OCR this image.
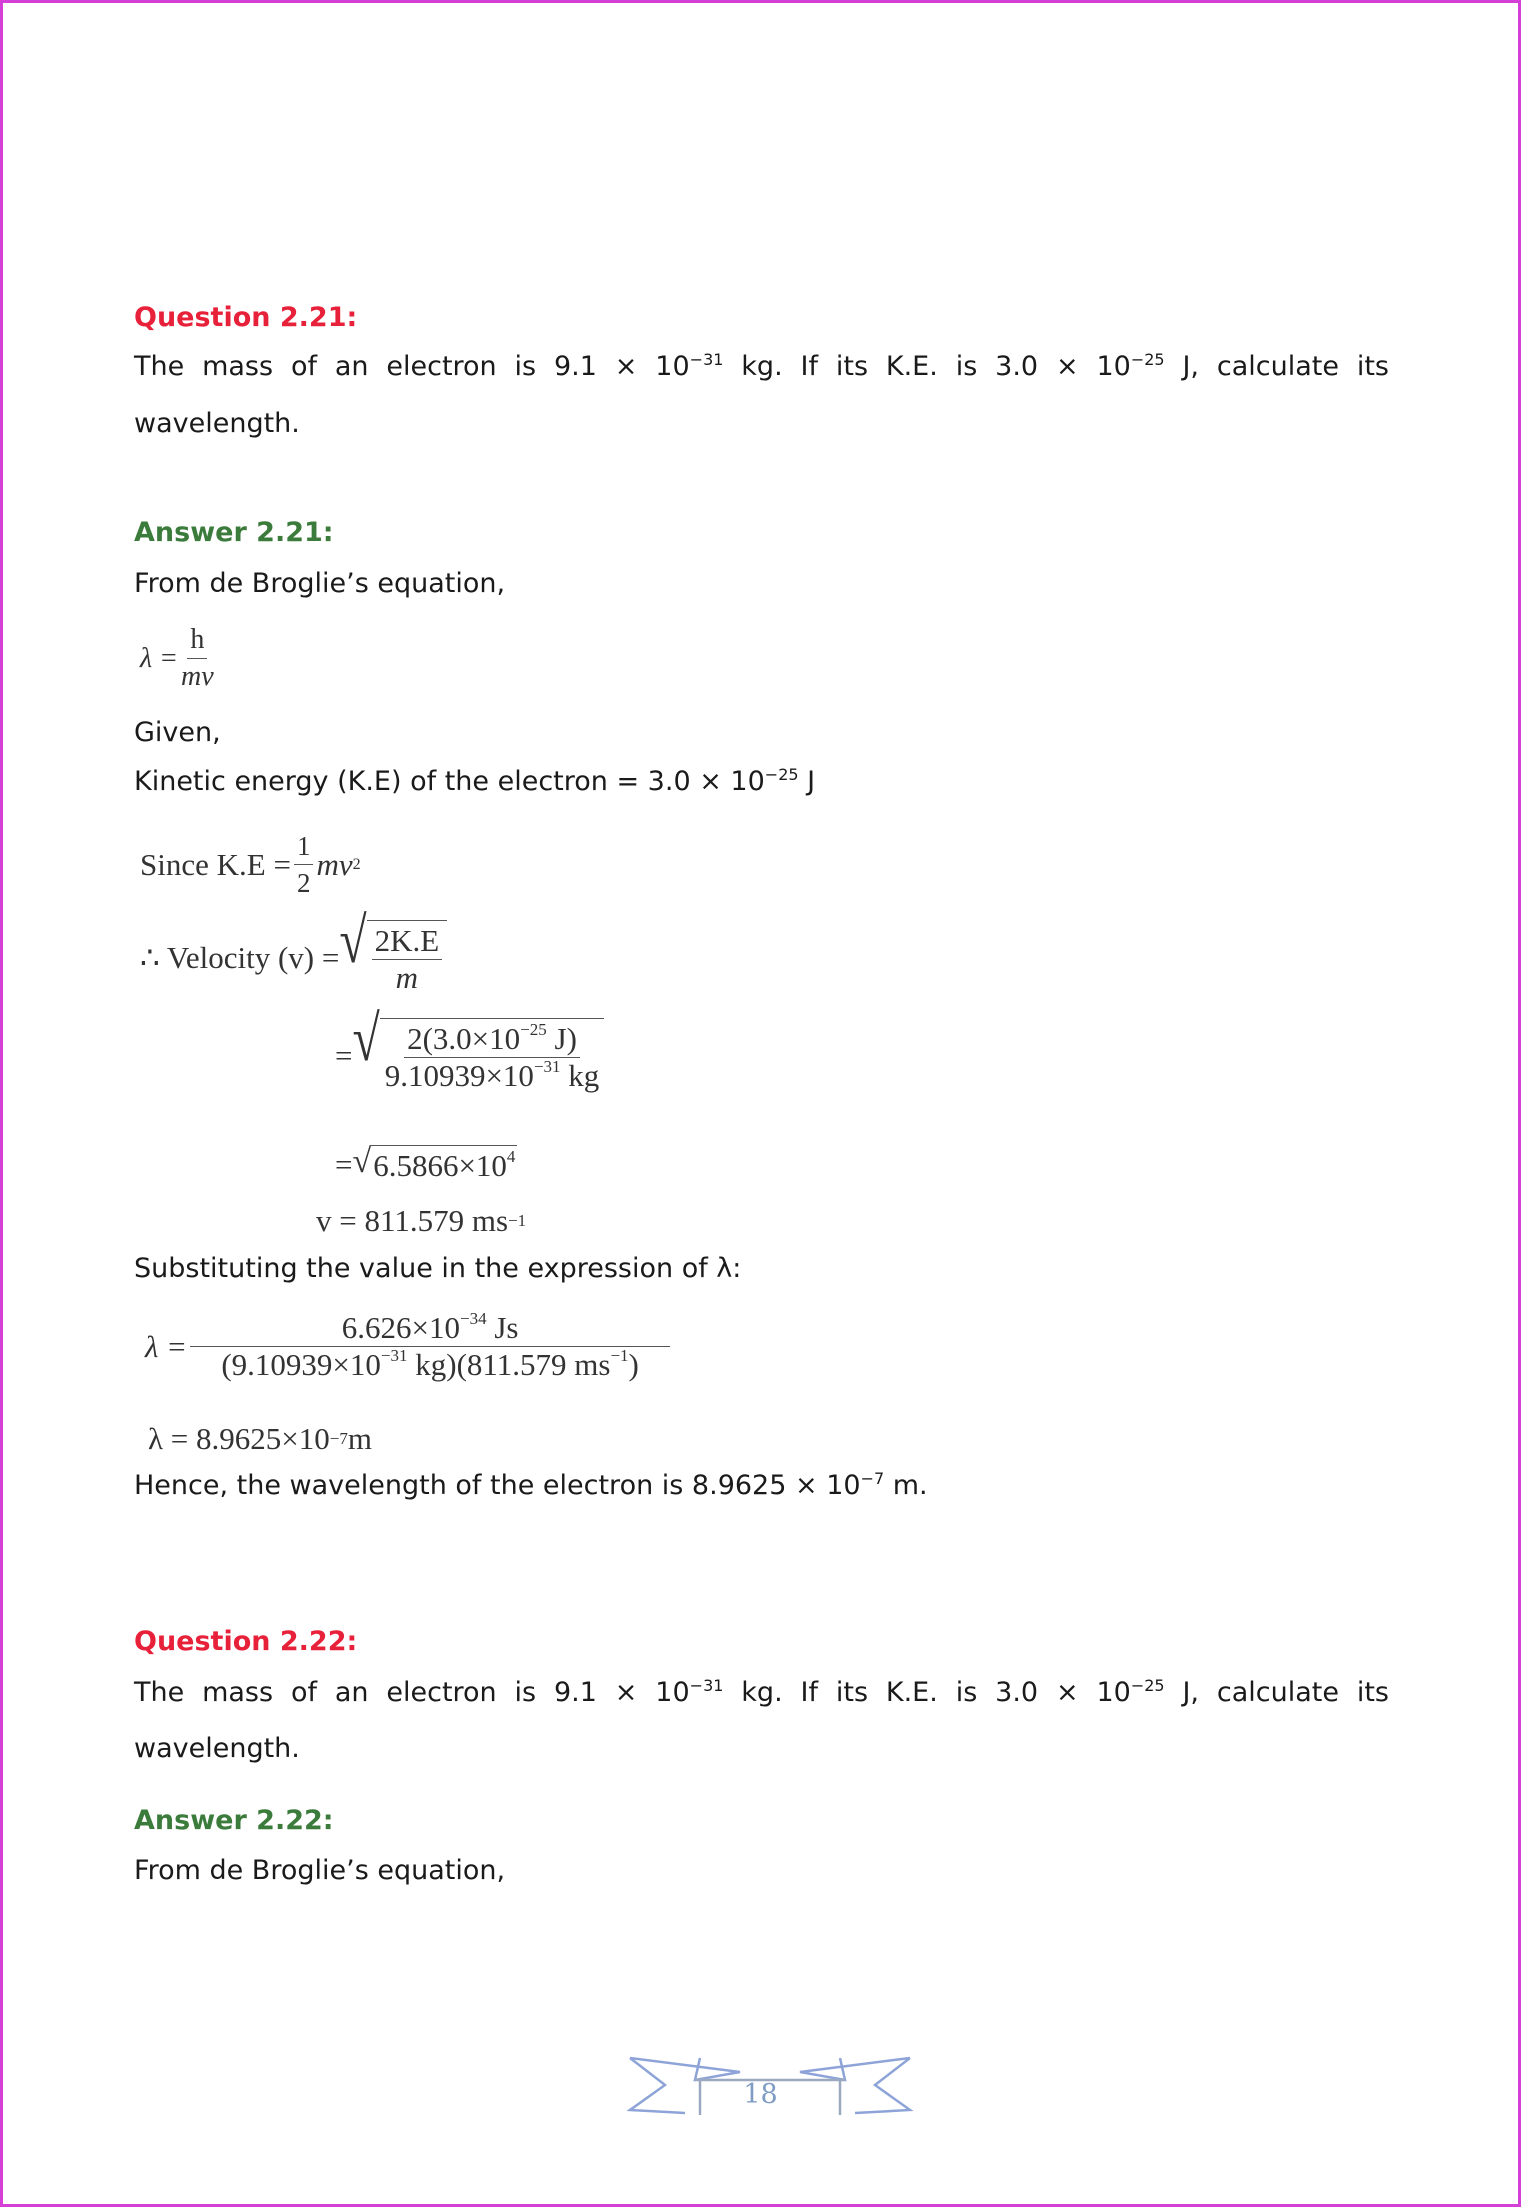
Question 2.21:
The mass of an electron is $9.1 \times 10^{-31}$ kg. If its K.E. is $3.0 \times 10^{-25}$ J, calculate its
wavelength.
Answer 2.21:
From de Broglie’s equation,
$\lambda = \frac{h}{mv}$
Given,
Kinetic energy (K.E) of the electron = $3.0 \times 10^{-25}$ J
Since $K.E = \frac{1}{2}$ mv 2
∴ Velocity (v) = √ $\frac{2K.E}{m}$
= √ $\frac{2(3.0\times 10^{-25} J)}{9.10939\times 10^{-31} kg}$
= √ $6.5866\times 10^4$
v = 811.579 ms −1
Substituting the value in the expression of λ:
$\lambda = \frac{6.626\times 10^{-34} Js}{(9.10939\times 10^{-31} kg)(811.579 ms^{-1})}$
λ = 8.9625×10 −7 m
Hence, the wavelength of the electron is $8.9625 \times 10^{-7}$ m.
Question 2.22:
The mass of an electron is $9.1 \times 10^{-31}$ kg. If its K.E. is $3.0 \times 10^{-25}$ J, calculate its
wavelength.
Answer 2.22:
From de Broglie’s equation,
18
